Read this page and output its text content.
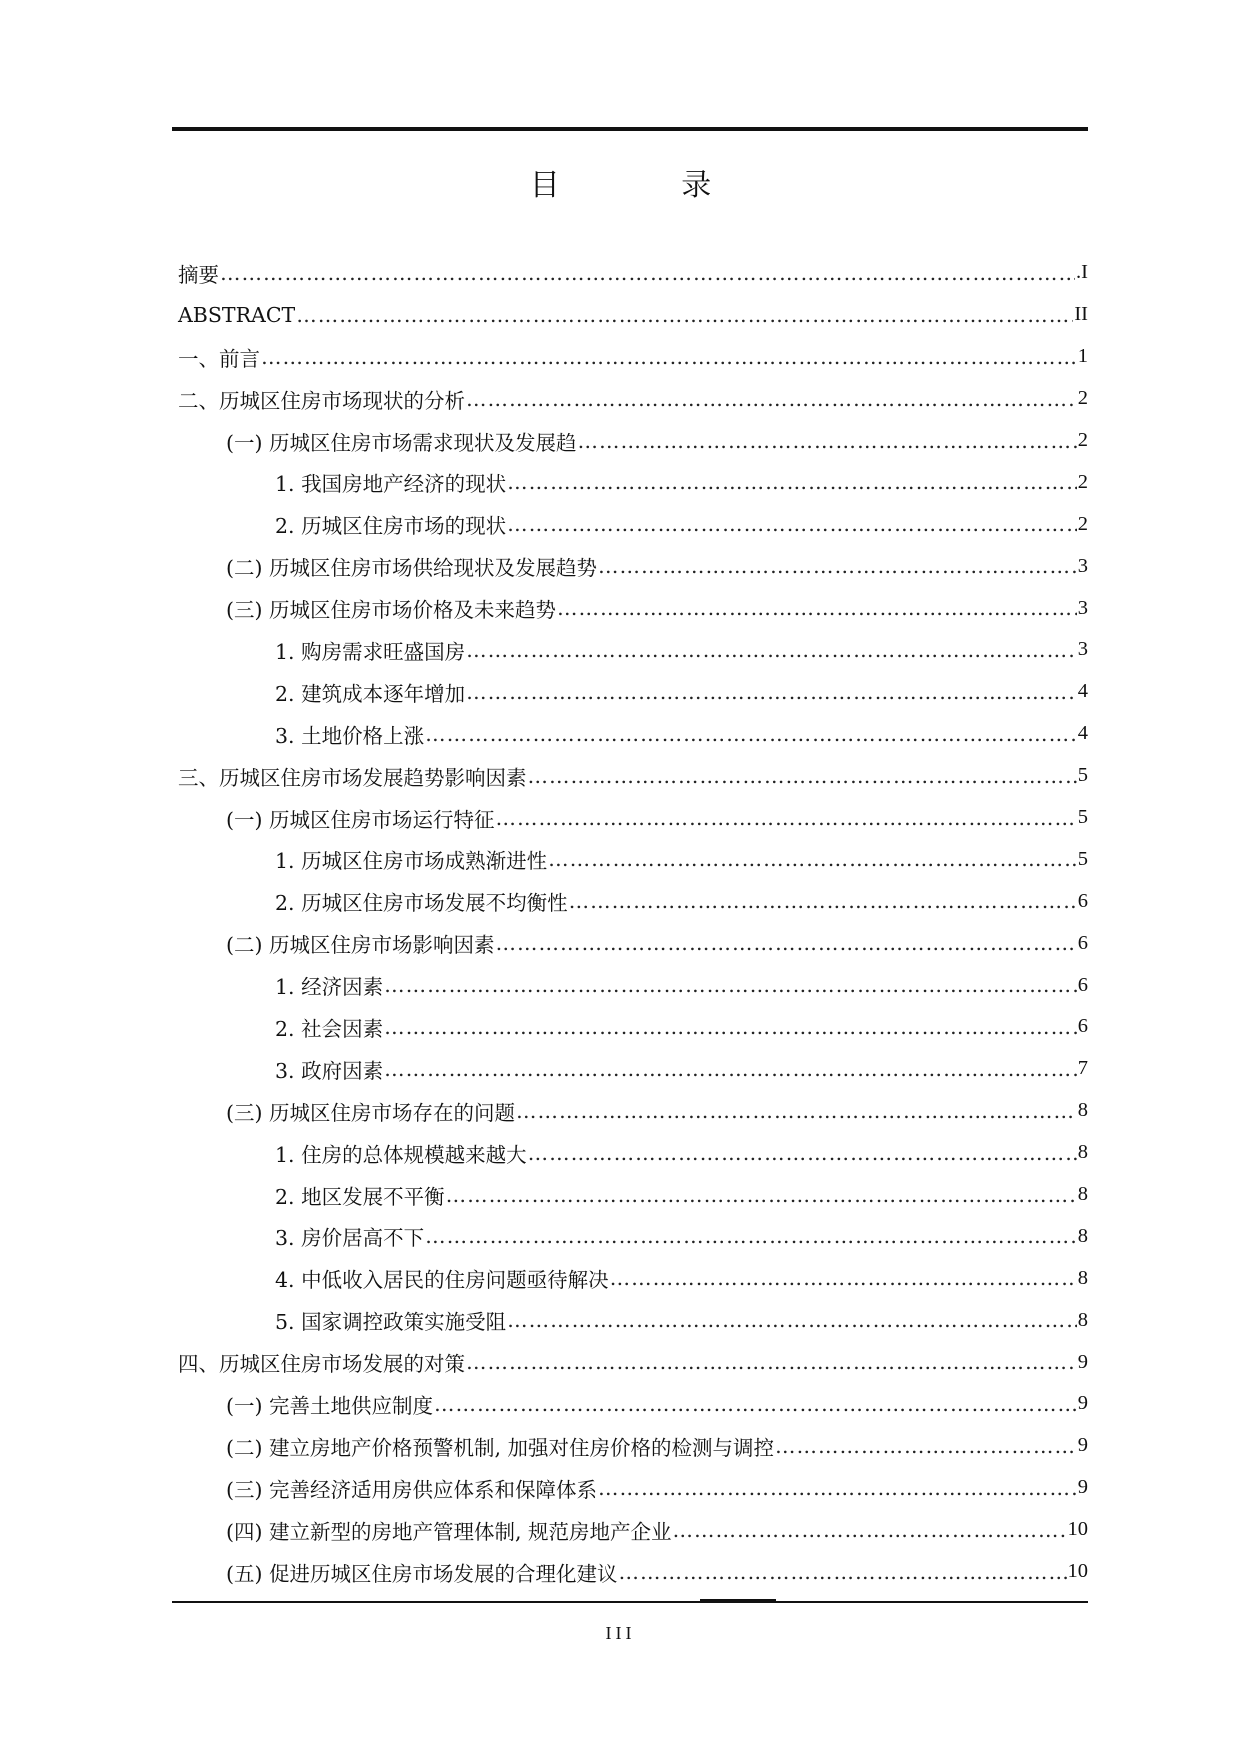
目 录
摘要 …………………………………………………………………………………………………………………………………………………………	.I
ABSTRACT …………………………………………………………………………………………………………………………………………………………	II
一、前言 …………………………………………………………………………………………………………………………………………………………	1
二、历城区住房市场现状的分析 …………………………………………………………………………………………………………………………………………………………	2
(一) 历城区住房市场需求现状及发展趋 …………………………………………………………………………………………………………………………………………………………	2
1. 我国房地产经济的现状 …………………………………………………………………………………………………………………………………………………………	2
2. 历城区住房市场的现状 …………………………………………………………………………………………………………………………………………………………	2
(二) 历城区住房市场供给现状及发展趋势 …………………………………………………………………………………………………………………………………………………………	3
(三) 历城区住房市场价格及未来趋势 …………………………………………………………………………………………………………………………………………………………	3
1. 购房需求旺盛国房 …………………………………………………………………………………………………………………………………………………………	3
2. 建筑成本逐年增加 …………………………………………………………………………………………………………………………………………………………	4
3. 土地价格上涨 …………………………………………………………………………………………………………………………………………………………	4
三、历城区住房市场发展趋势影响因素 …………………………………………………………………………………………………………………………………………………………	5
(一) 历城区住房市场运行特征 …………………………………………………………………………………………………………………………………………………………	5
1. 历城区住房市场成熟渐进性 …………………………………………………………………………………………………………………………………………………………	5
2. 历城区住房市场发展不均衡性 …………………………………………………………………………………………………………………………………………………………	6
(二) 历城区住房市场影响因素 …………………………………………………………………………………………………………………………………………………………	6
1. 经济因素 …………………………………………………………………………………………………………………………………………………………	6
2. 社会因素 …………………………………………………………………………………………………………………………………………………………	6
3. 政府因素 …………………………………………………………………………………………………………………………………………………………	7
(三) 历城区住房市场存在的问题 …………………………………………………………………………………………………………………………………………………………	8
1. 住房的总体规模越来越大 …………………………………………………………………………………………………………………………………………………………	8
2. 地区发展不平衡 …………………………………………………………………………………………………………………………………………………………	8
3. 房价居高不下 …………………………………………………………………………………………………………………………………………………………	8
4. 中低收入居民的住房问题亟待解决 …………………………………………………………………………………………………………………………………………………………	8
5. 国家调控政策实施受阻 …………………………………………………………………………………………………………………………………………………………	8
四、历城区住房市场发展的对策 …………………………………………………………………………………………………………………………………………………………	9
(一) 完善土地供应制度 …………………………………………………………………………………………………………………………………………………………	9
(二) 建立房地产价格预警机制, 加强对住房价格的检测与调控 …………………………………………………………………………………………………………………………………………………………	9
(三) 完善经济适用房供应体系和保障体系 …………………………………………………………………………………………………………………………………………………………	9
(四) 建立新型的房地产管理体制, 规范房地产企业 …………………………………………………………………………………………………………………………………………………………	10
(五) 促进历城区住房市场发展的合理化建议 …………………………………………………………………………………………………………………………………………………………	10
III
